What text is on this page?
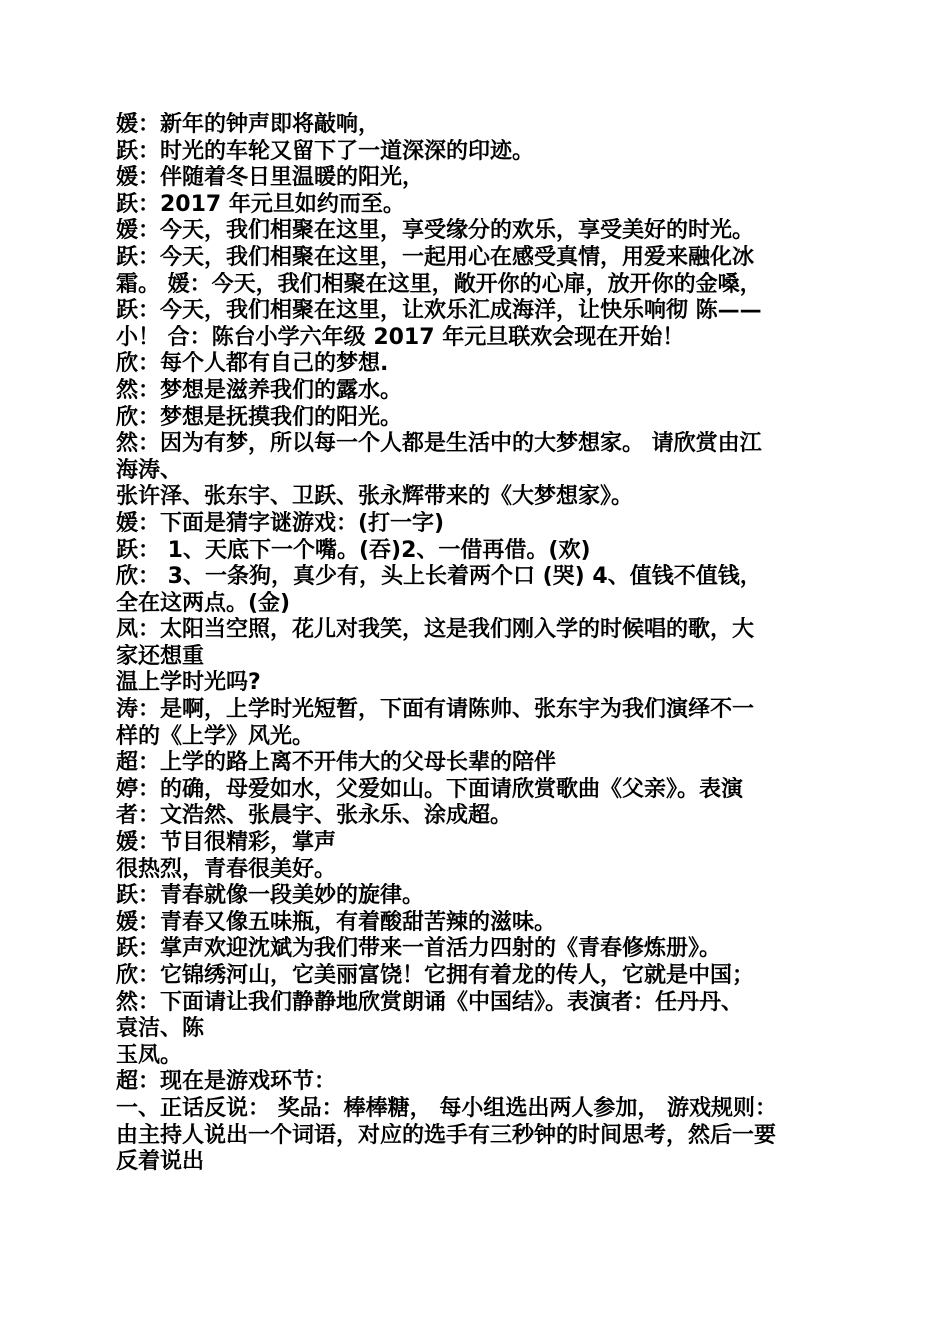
媛：新年的钟声即将敲响，
跃：时光的车轮又留下了一道深深的印迹。
媛：伴随着冬日里温暖的阳光，
跃：2017 年元旦如约而至。
媛：今天，我们相聚在这里，享受缘分的欢乐，享受美好的时光。
跃：今天，我们相聚在这里，一起用心在感受真情，用爱来融化冰
霜。 媛：今天，我们相聚在这里，敞开你的心扉，放开你的金嗓，
跃：今天，我们相聚在这里，让欢乐汇成海洋，让快乐响彻 陈——
小！ 合：陈台小学六年级 2017 年元旦联欢会现在开始！
欣：每个人都有自己的梦想.
然：梦想是滋养我们的露水。
欣：梦想是抚摸我们的阳光。
然：因为有梦，所以每一个人都是生活中的大梦想家。 请欣赏由江
海涛、
张许泽、张东宇、卫跃、张永辉带来的《大梦想家》。
媛：下面是猜字谜游戏：(打一字)
跃： 1、天底下一个嘴。(吞)2、一借再借。(欢)
欣： 3、一条狗，真少有，头上长着两个口 (哭) 4、值钱不值钱，
全在这两点。(金)
凤：太阳当空照，花儿对我笑，这是我们刚入学的时候唱的歌，大
家还想重
温上学时光吗?
涛：是啊，上学时光短暂，下面有请陈帅、张东宇为我们演绎不一
样的《上学》风光。
超：上学的路上离不开伟大的父母长辈的陪伴
婷：的确，母爱如水，父爱如山。下面请欣赏歌曲《父亲》。表演
者：文浩然、张晨宇、张永乐、涂成超。
媛：节目很精彩，掌声
很热烈，青春很美好。
跃：青春就像一段美妙的旋律。
媛：青春又像五味瓶，有着酸甜苦辣的滋味。
跃：掌声欢迎沈斌为我们带来一首活力四射的《青春修炼册》。
欣：它锦绣河山，它美丽富饶！它拥有着龙的传人，它就是中国；
然：下面请让我们静静地欣赏朗诵《中国结》。表演者：任丹丹、
袁洁、陈
玉凤。
超：现在是游戏环节：
一、正话反说： 奖品：棒棒糖， 每小组选出两人参加， 游戏规则：
由主持人说出一个词语，对应的选手有三秒钟的时间思考，然后一要
反着说出
